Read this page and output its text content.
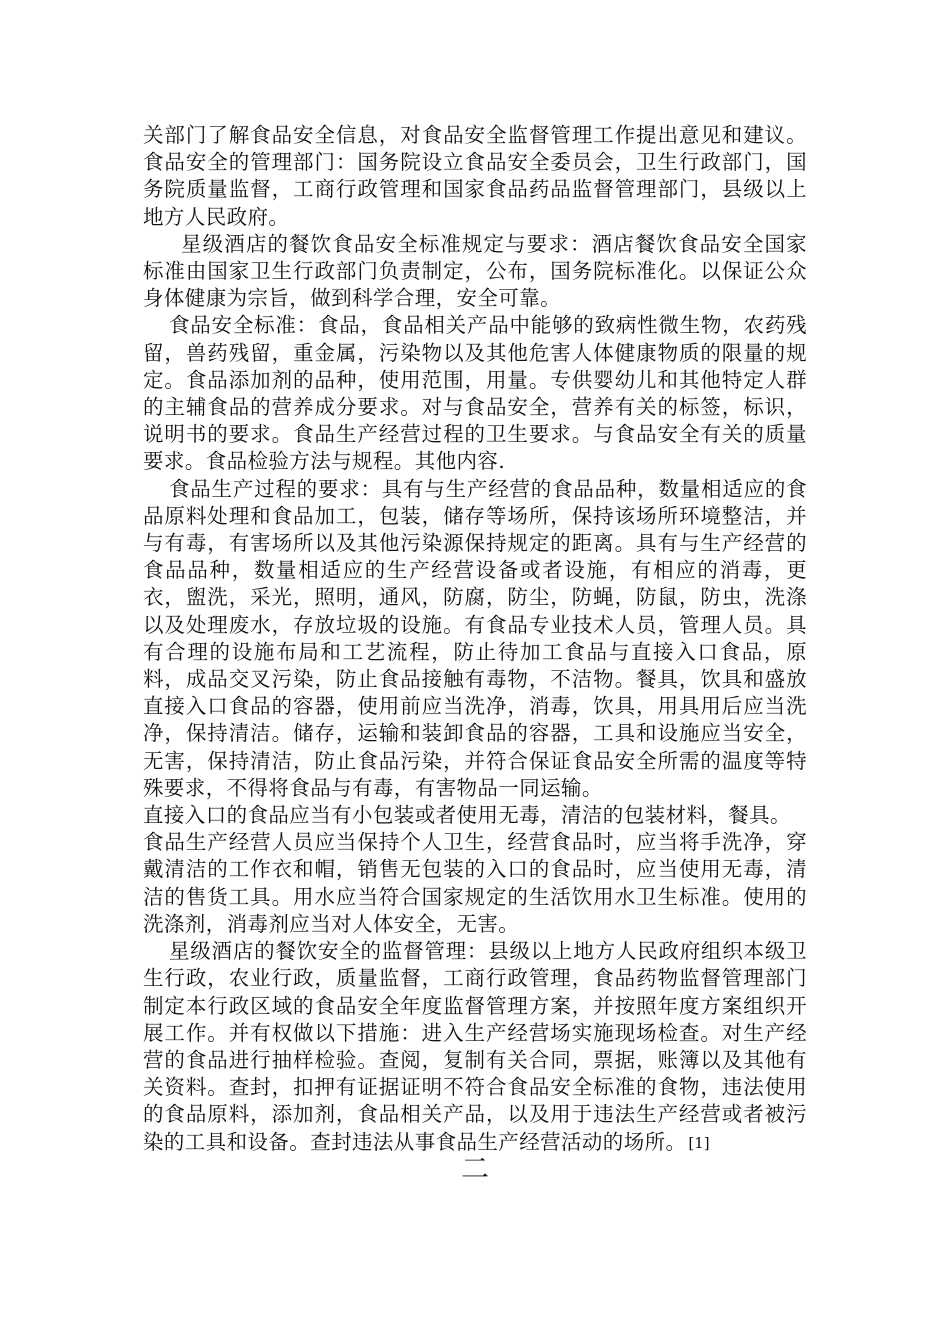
关部门了解食品安全信息，对食品安全监督管理工作提出意见和建议。食品安全的管理部门：国务院设立食品安全委员会，卫生行政部门，国务院质量监督，工商行政管理和国家食品药品监督管理部门，县级以上地方人民政府。

星级酒店的餐饮食品安全标准规定与要求：酒店餐饮食品安全国家标准由国家卫生行政部门负责制定，公布，国务院标准化。以保证公众身体健康为宗旨，做到科学合理，安全可靠。

食品安全标准：食品，食品相关产品中能够的致病性微生物，农药残留，兽药残留，重金属，污染物以及其他危害人体健康物质的限量的规定。食品添加剂的品种，使用范围，用量。专供婴幼儿和其他特定人群的主辅食品的营养成分要求。对与食品安全，营养有关的标签，标识，说明书的要求。食品生产经营过程的卫生要求。与食品安全有关的质量要求。食品检验方法与规程。其他内容.

食品生产过程的要求：具有与生产经营的食品品种，数量相适应的食品原料处理和食品加工，包装，储存等场所，保持该场所环境整洁，并与有毒，有害场所以及其他污染源保持规定的距离。具有与生产经营的食品品种，数量相适应的生产经营设备或者设施，有相应的消毒，更衣，盥洗，采光，照明，通风，防腐，防尘，防蝇，防鼠，防虫，洗涤以及处理废水，存放垃圾的设施。有食品专业技术人员，管理人员。具有合理的设施布局和工艺流程，防止待加工食品与直接入口食品，原料，成品交叉污染，防止食品接触有毒物，不洁物。餐具，饮具和盛放直接入口食品的容器，使用前应当洗净，消毒，饮具，用具用后应当洗净，保持清洁。储存，运输和装卸食品的容器，工具和设施应当安全，无害，保持清洁，防止食品污染，并符合保证食品安全所需的温度等特殊要求，不得将食品与有毒，有害物品一同运输。

直接入口的食品应当有小包装或者使用无毒，清洁的包装材料，餐具。

食品生产经营人员应当保持个人卫生，经营食品时，应当将手洗净，穿戴清洁的工作衣和帽，销售无包装的入口的食品时，应当使用无毒，清洁的售货工具。用水应当符合国家规定的生活饮用水卫生标准。使用的洗涤剂，消毒剂应当对人体安全，无害。

星级酒店的餐饮安全的监督管理：县级以上地方人民政府组织本级卫生行政，农业行政，质量监督，工商行政管理，食品药物监督管理部门制定本行政区域的食品安全年度监督管理方案，并按照年度方案组织开展工作。并有权做以下措施：进入生产经营场实施现场检查。对生产经营的食品进行抽样检验。查阅，复制有关合同，票据，账簿以及其他有关资料。查封，扣押有证据证明不符合食品安全标准的食物，违法使用的食品原料，添加剂，食品相关产品，以及用于违法生产经营或者被污染的工具和设备。查封违法从事食品生产经营活动的场所。 [1]

二
